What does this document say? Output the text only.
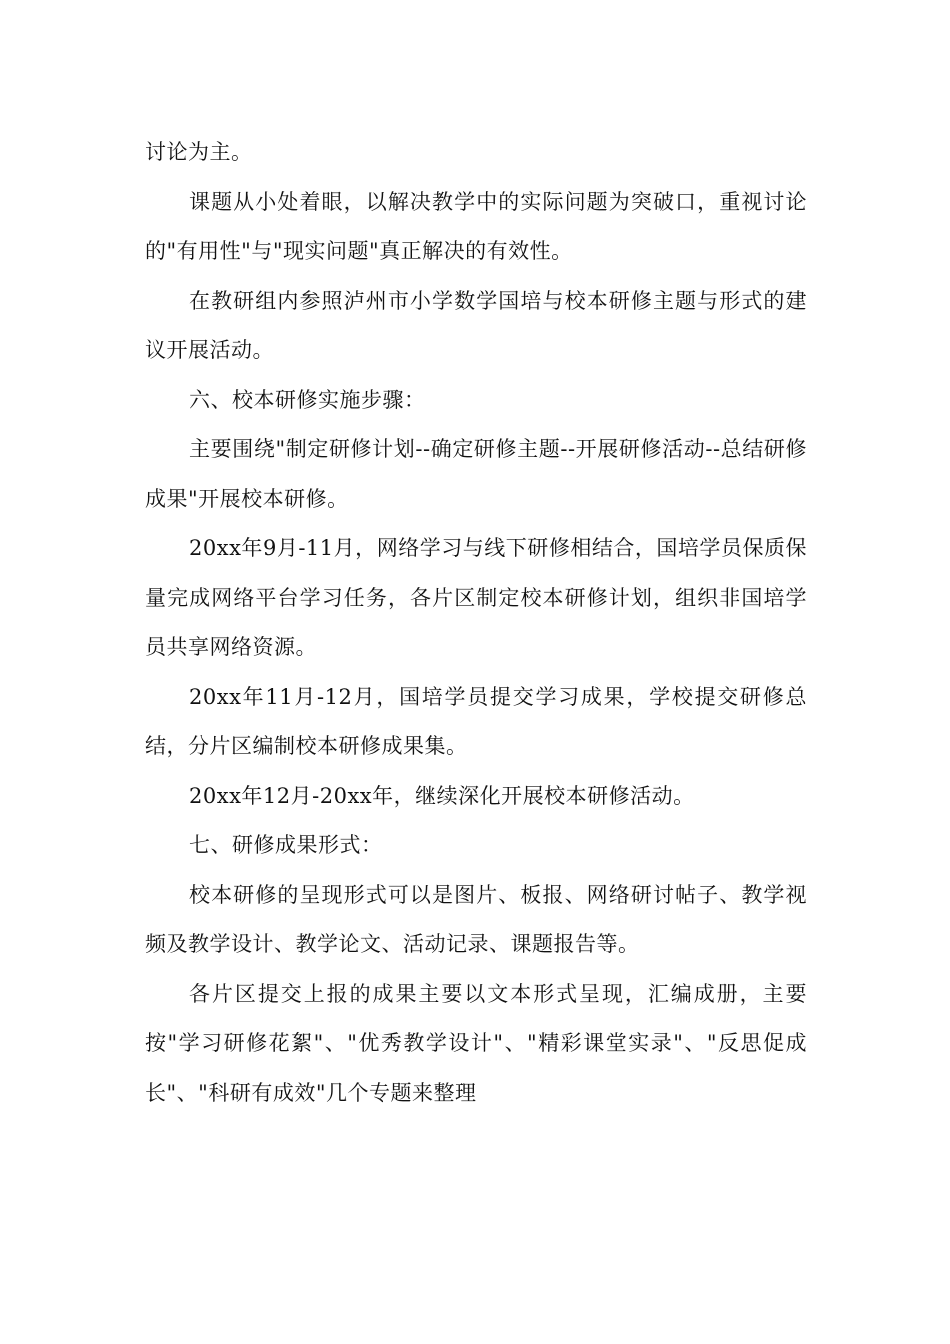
讨论为主。

课题从小处着眼，以解决教学中的实际问题为突破口，重视讨论的"有用性"与"现实问题"真正解决的有效性。

在教研组内参照泸州市小学数学国培与校本研修主题与形式的建议开展活动。

六、校本研修实施步骤：

主要围绕"制定研修计划--确定研修主题--开展研修活动--总结研修成果"开展校本研修。

20xx年9月-11月，网络学习与线下研修相结合，国培学员保质保量完成网络平台学习任务，各片区制定校本研修计划，组织非国培学员共享网络资源。

20xx年11月-12月，国培学员提交学习成果，学校提交研修总结，分片区编制校本研修成果集。

20xx年12月-20xx年，继续深化开展校本研修活动。

七、研修成果形式：

校本研修的呈现形式可以是图片、板报、网络研讨帖子、教学视频及教学设计、教学论文、活动记录、课题报告等。

各片区提交上报的成果主要以文本形式呈现，汇编成册，主要按"学习研修花絮"、"优秀教学设计"、"精彩课堂实录"、"反思促成长"、"科研有成效"几个专题来整理
